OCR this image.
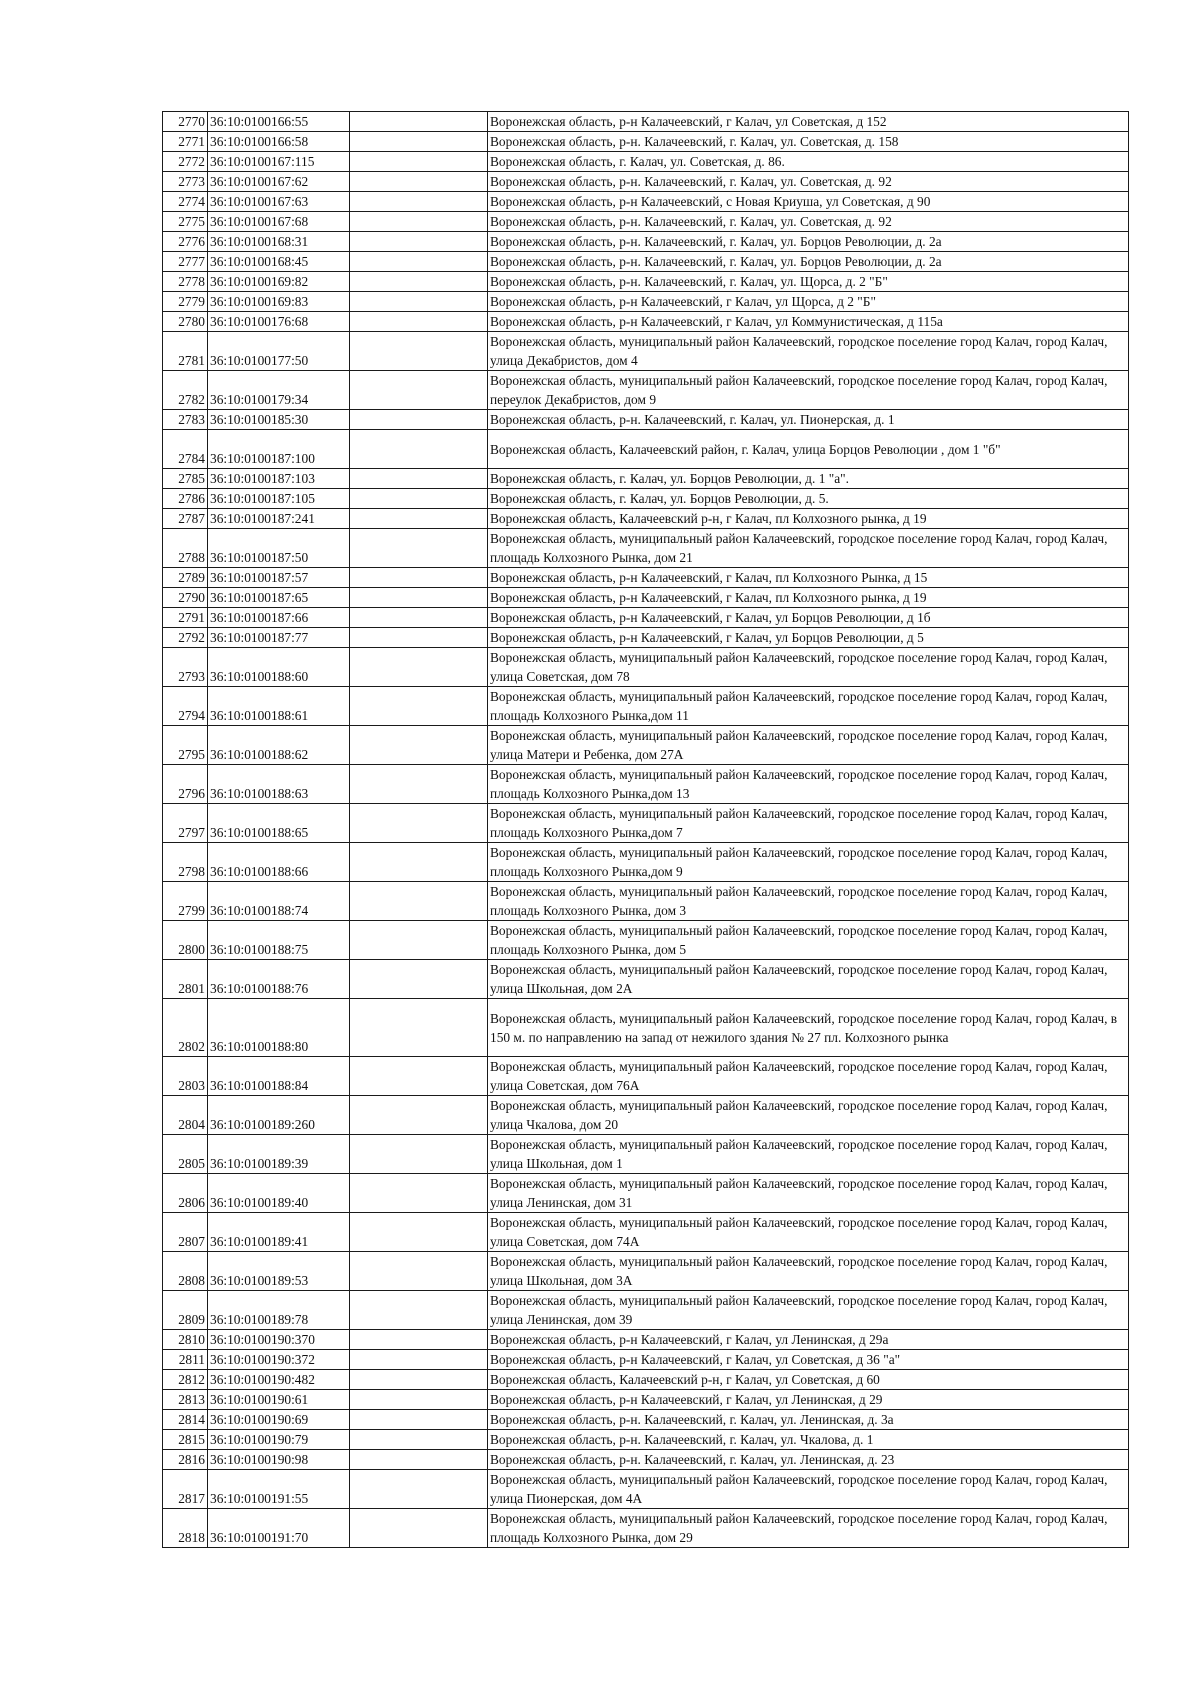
2770	36:10:0100166:55		Воронежская область, р-н Калачеевский, г Калач, ул Советская, д 152
2771	36:10:0100166:58		Воронежская область, р-н. Калачеевский, г. Калач, ул. Советская, д. 158
2772	36:10:0100167:115		Воронежская область, г. Калач, ул. Советская, д. 86.
2773	36:10:0100167:62		Воронежская область, р-н. Калачеевский, г. Калач, ул. Советская, д. 92
2774	36:10:0100167:63		Воронежская область, р-н Калачеевский, с Новая Криуша, ул Советская, д 90
2775	36:10:0100167:68		Воронежская область, р-н. Калачеевский, г. Калач, ул. Советская, д. 92
2776	36:10:0100168:31		Воронежская область, р-н. Калачеевский, г. Калач, ул. Борцов Революции, д. 2а
2777	36:10:0100168:45		Воронежская область, р-н. Калачеевский, г. Калач, ул. Борцов Революции, д. 2а
2778	36:10:0100169:82		Воронежская область, р-н. Калачеевский, г. Калач, ул. Щорса, д. 2 "Б"
2779	36:10:0100169:83		Воронежская область, р-н Калачеевский, г Калач, ул Щорса, д 2 "Б"
2780	36:10:0100176:68		Воронежская область, р-н Калачеевский, г Калач, ул Коммунистическая, д 115а
2781	36:10:0100177:50		Воронежская область, муниципальный район Калачеевский, городское поселение город Калач, город Калач, улица Декабристов, дом 4
2782	36:10:0100179:34		Воронежская область, муниципальный район Калачеевский, городское поселение город Калач, город Калач, переулок Декабристов, дом 9
2783	36:10:0100185:30		Воронежская область, р-н. Калачеевский, г. Калач, ул. Пионерская, д. 1
2784	36:10:0100187:100		Воронежская область, Калачеевский район, г. Калач, улица Борцов Революции , дом 1 "б"
2785	36:10:0100187:103		Воронежская область, г. Калач, ул. Борцов Революции, д. 1 "а".
2786	36:10:0100187:105		Воронежская область, г. Калач, ул. Борцов Революции, д. 5.
2787	36:10:0100187:241		Воронежская область, Калачеевский р-н, г Калач, пл Колхозного рынка, д 19
2788	36:10:0100187:50		Воронежская область, муниципальный район Калачеевский, городское поселение город Калач, город Калач, площадь Колхозного Рынка, дом 21
2789	36:10:0100187:57		Воронежская область, р-н Калачеевский, г Калач, пл Колхозного Рынка, д 15
2790	36:10:0100187:65		Воронежская область, р-н Калачеевский, г Калач, пл Колхозного рынка, д 19
2791	36:10:0100187:66		Воронежская область, р-н Калачеевский, г Калач, ул Борцов Революции, д 1б
2792	36:10:0100187:77		Воронежская область, р-н Калачеевский, г Калач, ул Борцов Революции, д 5
2793	36:10:0100188:60		Воронежская область, муниципальный район Калачеевский, городское поселение город Калач, город Калач, улица Советская, дом 78
2794	36:10:0100188:61		Воронежская область, муниципальный район Калачеевский, городское поселение город Калач, город Калач, площадь Колхозного Рынка,дом 11
2795	36:10:0100188:62		Воронежская область, муниципальный район Калачеевский, городское поселение город Калач, город Калач, улица Матери и Ребенка, дом 27А
2796	36:10:0100188:63		Воронежская область, муниципальный район Калачеевский, городское поселение город Калач, город Калач, площадь Колхозного Рынка,дом 13
2797	36:10:0100188:65		Воронежская область, муниципальный район Калачеевский, городское поселение город Калач, город Калач, площадь Колхозного Рынка,дом 7
2798	36:10:0100188:66		Воронежская область, муниципальный район Калачеевский, городское поселение город Калач, город Калач, площадь Колхозного Рынка,дом 9
2799	36:10:0100188:74		Воронежская область, муниципальный район Калачеевский, городское поселение город Калач, город Калач, площадь Колхозного Рынка, дом 3
2800	36:10:0100188:75		Воронежская область, муниципальный район Калачеевский, городское поселение город Калач, город Калач, площадь Колхозного Рынка, дом 5
2801	36:10:0100188:76		Воронежская область, муниципальный район Калачеевский, городское поселение город Калач, город Калач, улица Школьная, дом 2А
2802	36:10:0100188:80		Воронежская область, муниципальный район Калачеевский, городское поселение город Калач, город Калач, в 150 м. по направлению на запад от нежилого здания № 27 пл. Колхозного рынка
2803	36:10:0100188:84		Воронежская область, муниципальный район Калачеевский, городское поселение город Калач, город Калач, улица Советская, дом 76А
2804	36:10:0100189:260		Воронежская область, муниципальный район Калачеевский, городское поселение город Калач, город Калач, улица Чкалова, дом 20
2805	36:10:0100189:39		Воронежская область, муниципальный район Калачеевский, городское поселение город Калач, город Калач, улица Школьная, дом 1
2806	36:10:0100189:40		Воронежская область, муниципальный район Калачеевский, городское поселение город Калач, город Калач, улица Ленинская, дом 31
2807	36:10:0100189:41		Воронежская область, муниципальный район Калачеевский, городское поселение город Калач, город Калач, улица Советская, дом 74А
2808	36:10:0100189:53		Воронежская область, муниципальный район Калачеевский, городское поселение город Калач, город Калач, улица Школьная, дом 3А
2809	36:10:0100189:78		Воронежская область, муниципальный район Калачеевский, городское поселение город Калач, город Калач, улица Ленинская, дом 39
2810	36:10:0100190:370		Воронежская область, р-н Калачеевский, г Калач, ул Ленинская, д 29а
2811	36:10:0100190:372		Воронежская область, р-н Калачеевский, г Калач, ул Советская, д 36 "а"
2812	36:10:0100190:482		Воронежская область, Калачеевский р-н, г Калач, ул Советская, д 60
2813	36:10:0100190:61		Воронежская область, р-н Калачеевский, г Калач, ул Ленинская, д 29
2814	36:10:0100190:69		Воронежская область, р-н. Калачеевский, г. Калач, ул. Ленинская, д. 3а
2815	36:10:0100190:79		Воронежская область, р-н. Калачеевский, г. Калач, ул. Чкалова, д. 1
2816	36:10:0100190:98		Воронежская область, р-н. Калачеевский, г. Калач, ул. Ленинская, д. 23
2817	36:10:0100191:55		Воронежская область, муниципальный район Калачеевский, городское поселение город Калач, город Калач, улица Пионерская, дом 4А
2818	36:10:0100191:70		Воронежская область, муниципальный район Калачеевский, городское поселение город Калач, город Калач, площадь Колхозного Рынка, дом 29
